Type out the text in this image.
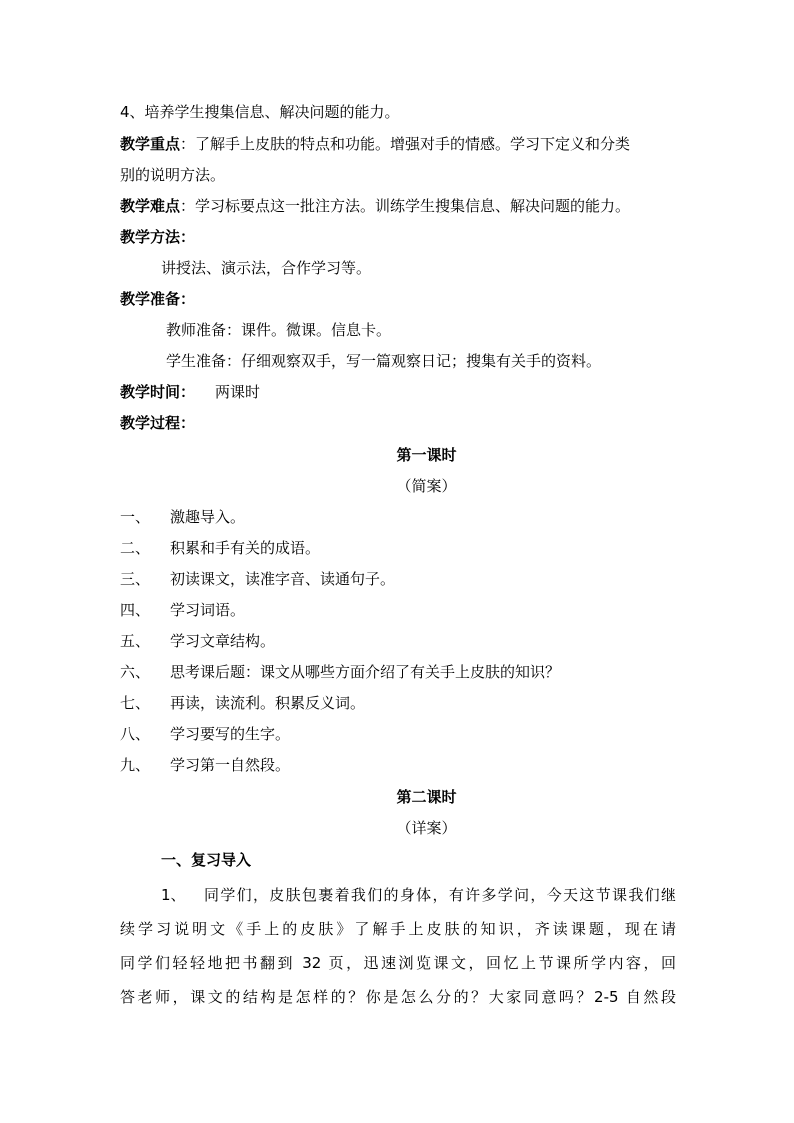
4、培养学生搜集信息、解决问题的能力。
教学重点：了解手上皮肤的特点和功能。增强对手的情感。学习下定义和分类
别的说明方法。
教学难点：学习标要点这一批注方法。训练学生搜集信息、解决问题的能力。
教学方法：
讲授法、演示法，合作学习等。
教学准备：
教师准备：课件。微课。信息卡。
学生准备：仔细观察双手，写一篇观察日记；搜集有关手的资料。
教学时间： 两课时
教学过程：
第一课时
（简案）
一、 激趣导入。
二、 积累和手有关的成语。
三、 初读课文，读准字音、读通句子。
四、 学习词语。
五、 学习文章结构。
六、 思考课后题：课文从哪些方面介绍了有关手上皮肤的知识？
七、 再读，读流利。积累反义词。
八、 学习要写的生字。
九、 学习第一自然段。
第二课时
（详案）
一、复习导入
1、 同学们，皮肤包裹着我们的身体，有许多学问，今天这节课我们继
续学习说明文《手上的皮肤》了解手上皮肤的知识，齐读课题，现在请
同学们轻轻地把书翻到 32 页，迅速浏览课文，回忆上节课所学内容，回
答老师，课文的结构是怎样的？你是怎么分的？大家同意吗？2-5 自然段
